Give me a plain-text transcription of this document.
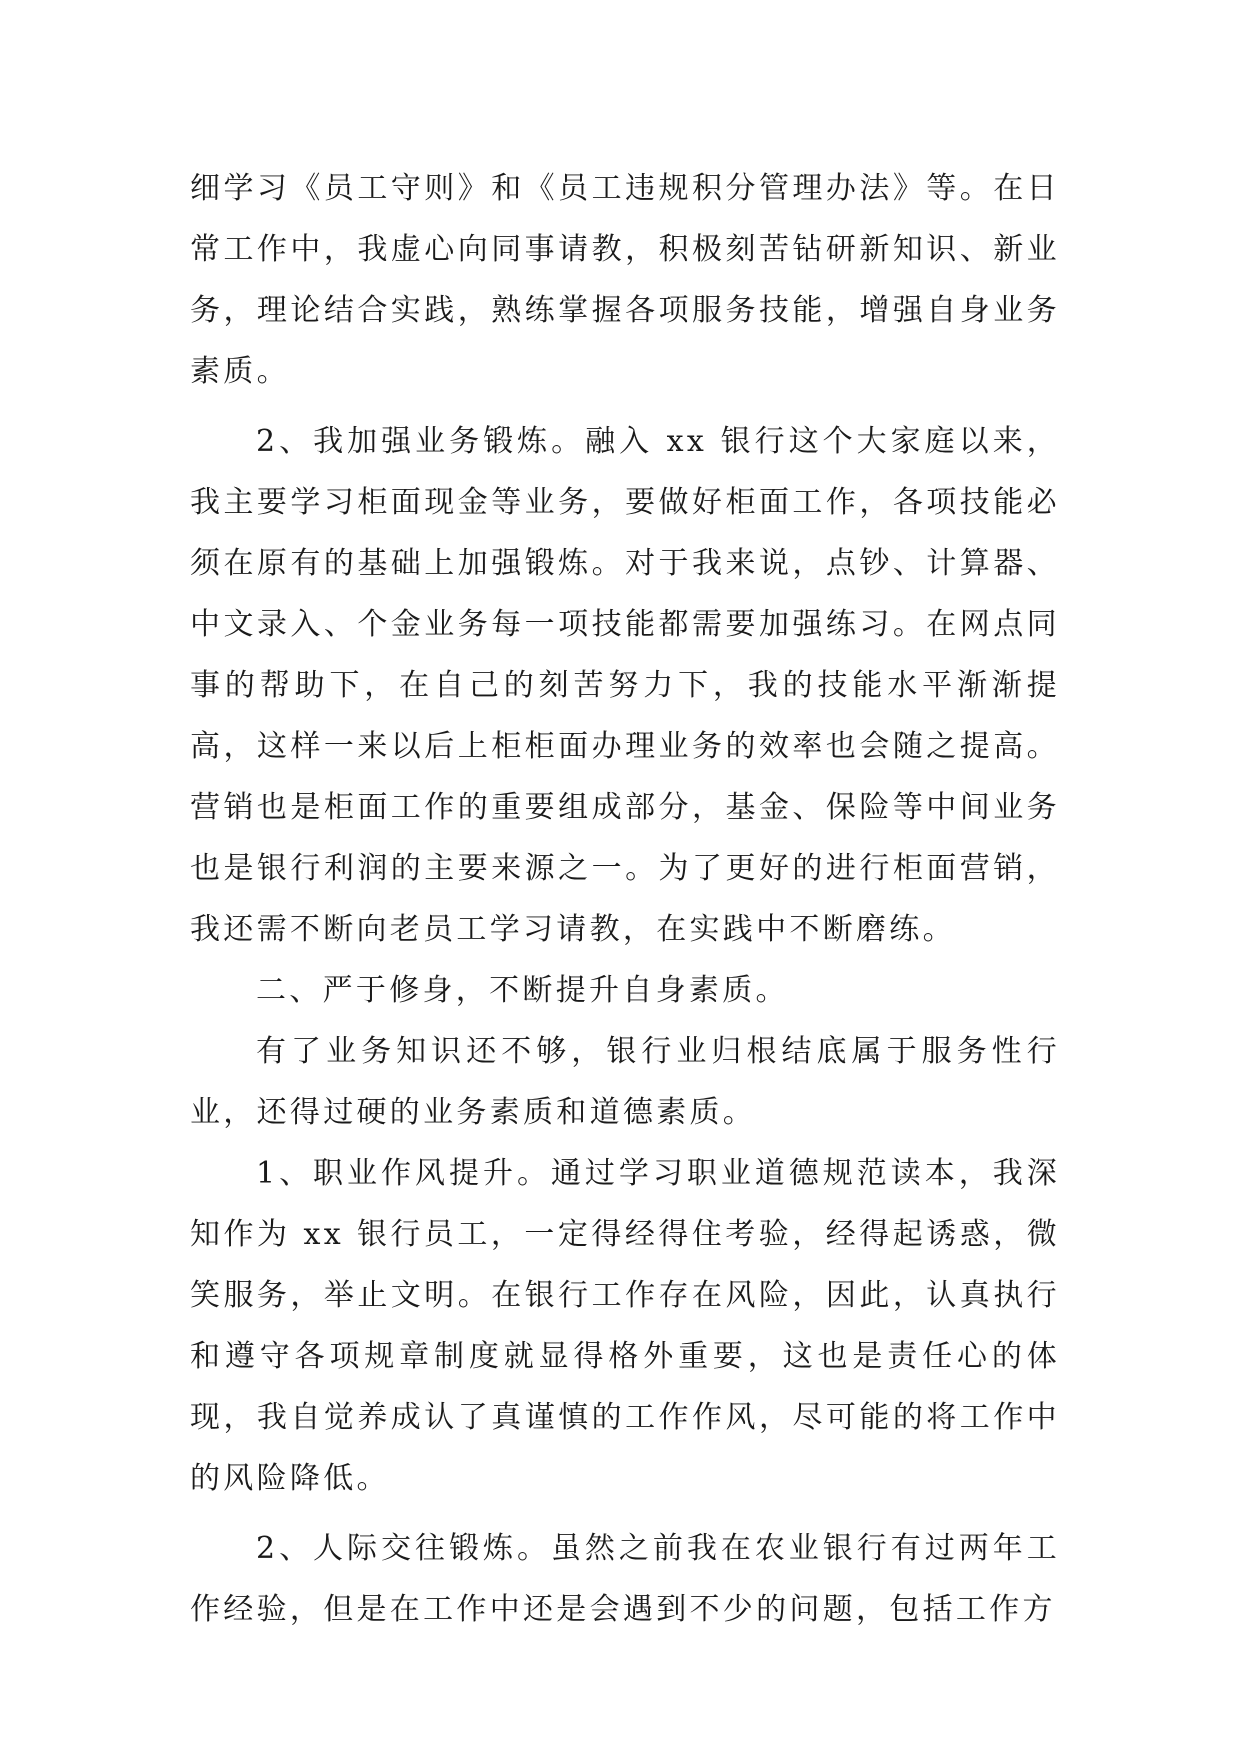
细学习《员工守则》和《员工违规积分管理办法》等。在日常工作中，我虚心向同事请教，积极刻苦钻研新知识、新业务，理论结合实践，熟练掌握各项服务技能，增强自身业务素质。

2、我加强业务锻炼。融入 xx 银行这个大家庭以来，我主要学习柜面现金等业务，要做好柜面工作，各项技能必须在原有的基础上加强锻炼。对于我来说，点钞、计算器、中文录入、个金业务每一项技能都需要加强练习。在网点同事的帮助下，在自己的刻苦努力下，我的技能水平渐渐提高，这样一来以后上柜柜面办理业务的效率也会随之提高。营销也是柜面工作的重要组成部分，基金、保险等中间业务也是银行利润的主要来源之一。为了更好的进行柜面营销，我还需不断向老员工学习请教，在实践中不断磨练。

二、严于修身，不断提升自身素质。

有了业务知识还不够，银行业归根结底属于服务性行业，还得过硬的业务素质和道德素质。

1、职业作风提升。通过学习职业道德规范读本，我深知作为 xx 银行员工，一定得经得住考验，经得起诱惑，微笑服务，举止文明。在银行工作存在风险，因此，认真执行和遵守各项规章制度就显得格外重要，这也是责任心的体现，我自觉养成认了真谨慎的工作作风，尽可能的将工作中的风险降低。

2、人际交往锻炼。虽然之前我在农业银行有过两年工作经验，但是在工作中还是会遇到不少的问题，包括工作方
